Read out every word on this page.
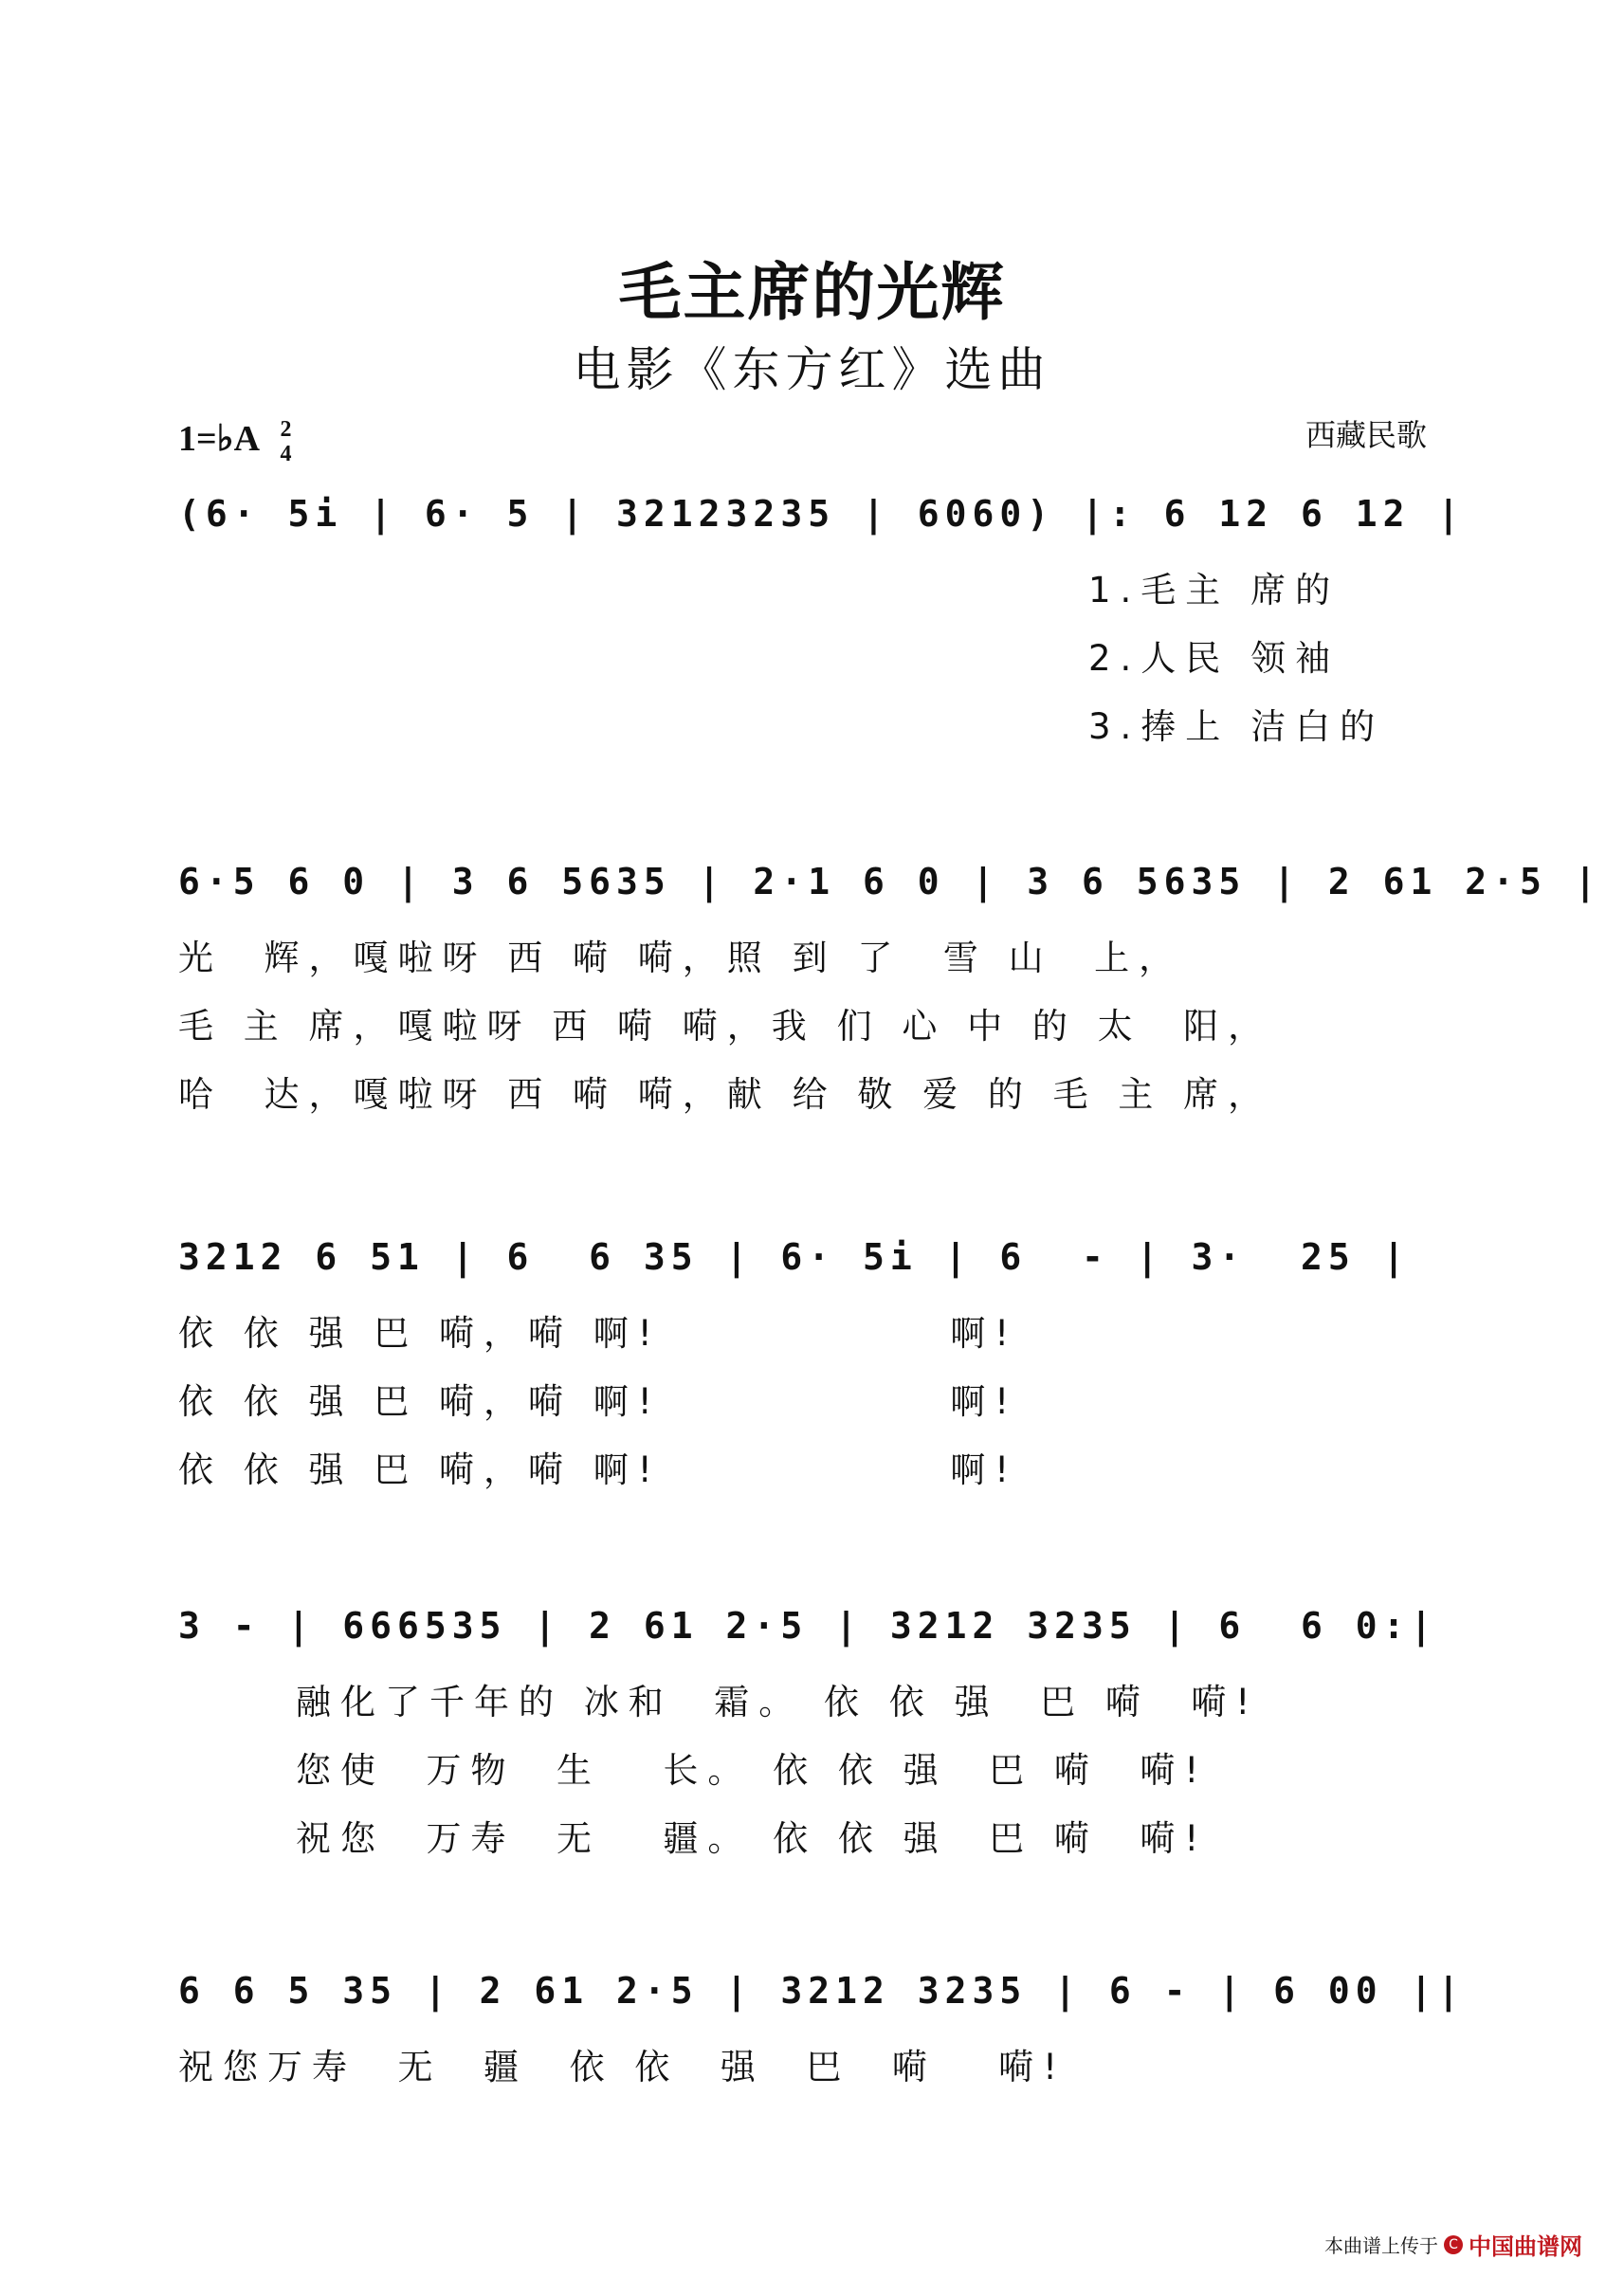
毛主席的光辉
电影《东方红》选曲
1=♭A 2
4
西藏民歌
(6· 5i | 6· 5 | 32123235 | 6060) |: 6 12 6 12 |
1.毛主 席的
2.人民 领袖
3.捧上 洁白的
6·5 6 0 | 3 6 5635 | 2·1 6 0 | 3 6 5635 | 2 61 2·5 |
光  辉，嘎啦呀 西 嗬 嗬，照 到 了  雪 山  上，
毛 主 席，嘎啦呀 西 嗬 嗬，我 们 心 中 的 太  阳，
哈  达，嘎啦呀 西 嗬 嗬，献 给 敬 爱 的 毛 主 席，
3212 6 51 | 6  6 35 | 6· 5i | 6  - | 3·  25 |
依 依 强 巴 嗬，嗬 啊!              啊!
依 依 强 巴 嗬，嗬 啊!              啊!
依 依 强 巴 嗬，嗬 啊!              啊!
3 - | 666535 | 2 61 2·5 | 3212 3235 | 6  6 0:|
融化了千年的 冰和  霜。 依 依 强  巴 嗬  嗬!
您使  万物  生   长。 依 依 强  巴 嗬  嗬!
祝您  万寿  无   疆。 依 依 强  巴 嗬  嗬!
6 6 5 35 | 2 61 2·5 | 3212 3235 | 6 - | 6 00 ||
祝您万寿  无  疆  依 依  强  巴  嗬   嗬!
本曲谱上传于 C 中国曲谱网
